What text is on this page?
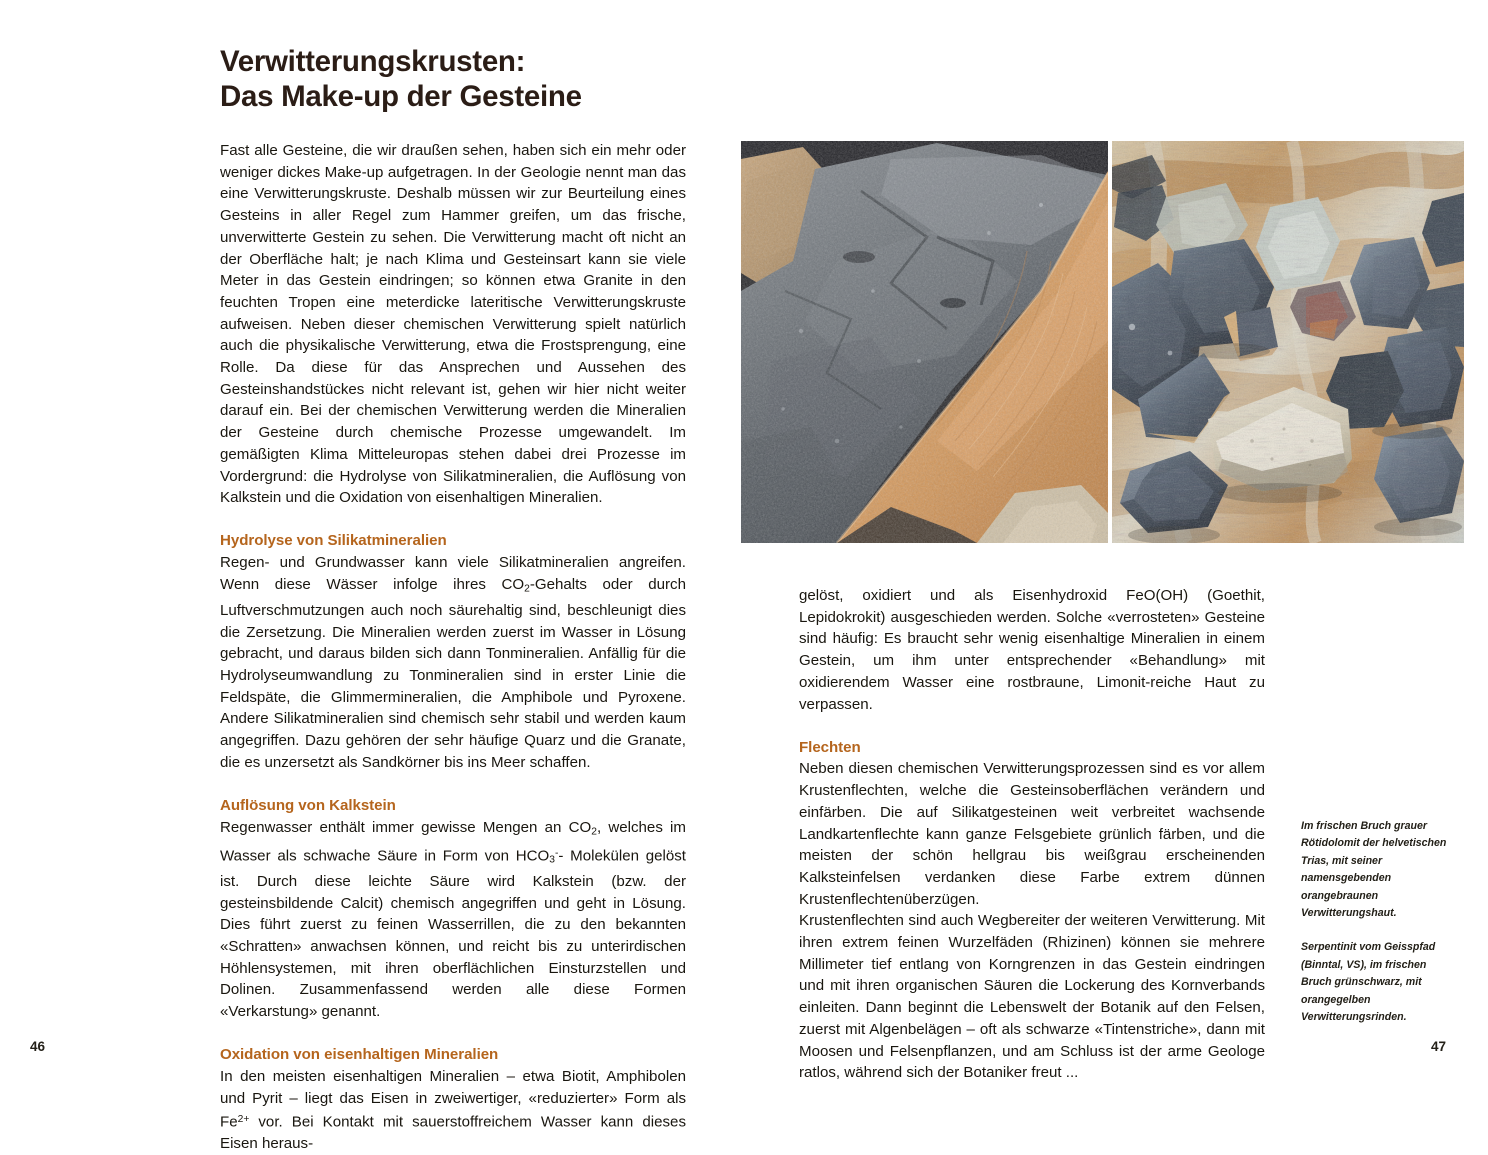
Verwitterungskrusten:
Das Make-up der Gesteine

Fast alle Gesteine, die wir draußen sehen, haben sich ein mehr oder weniger dickes Make-up aufgetragen. In der Geologie nennt man das eine Verwitterungskruste. Deshalb müssen wir zur Beurteilung eines Gesteins in aller Regel zum Hammer greifen, um das frische, unverwitterte Gestein zu sehen. Die Verwitterung macht oft nicht an der Oberfläche halt; je nach Klima und Gesteinsart kann sie viele Meter in das Gestein eindringen; so können etwa Granite in den feuchten Tropen eine meterdicke lateritische Verwitterungskruste aufweisen. Neben dieser chemischen Verwitterung spielt natürlich auch die physikalische Verwitterung, etwa die Frostsprengung, eine Rolle. Da diese für das Ansprechen und Aussehen des Gesteinshandstückes nicht relevant ist, gehen wir hier nicht weiter darauf ein. Bei der chemischen Verwitterung werden die Mineralien der Gesteine durch chemische Prozesse umgewandelt. Im gemäßigten Klima Mitteleuropas stehen dabei drei Prozesse im Vordergrund: die Hydrolyse von Silikatmineralien, die Auflösung von Kalkstein und die Oxidation von eisenhaltigen Mineralien.

Hydrolyse von Silikatmineralien

Regen- und Grundwasser kann viele Silikatmineralien angreifen. Wenn diese Wässer infolge ihres $CO_2$-Gehalts oder durch Luftverschmutzungen auch noch säurehaltig sind, beschleunigt dies die Zersetzung. Die Mineralien werden zuerst im Wasser in Lösung gebracht, und daraus bilden sich dann Tonmineralien. Anfällig für die Hydrolyseumwandlung zu Tonmineralien sind in erster Linie die Feldspäte, die Glimmermineralien, die Amphibole und Pyroxene. Andere Silikatmineralien sind chemisch sehr stabil und werden kaum angegriffen. Dazu gehören der sehr häufige Quarz und die Granate, die es unzersetzt als Sandkörner bis ins Meer schaffen.

Auflösung von Kalkstein

Regenwasser enthält immer gewisse Mengen an $CO_2$, welches im Wasser als schwache Säure in Form von $HCO_3^--$ Molekülen gelöst ist. Durch diese leichte Säure wird Kalkstein (bzw. der gesteinsbildende Calcit) chemisch angegriffen und geht in Lösung. Dies führt zuerst zu feinen Wasserrillen, die zu den bekannten «Schratten» anwachsen können, und reicht bis zu unterirdischen Höhlensystemen, mit ihren oberflächlichen Einsturzstellen und Dolinen. Zusammenfassend werden alle diese Formen «Verkarstung» genannt.

Oxidation von eisenhaltigen Mineralien

In den meisten eisenhaltigen Mineralien – etwa Biotit, Amphibolen und Pyrit – liegt das Eisen in zweiwertiger, «reduzierter» Form als $Fe^{2+}$ vor. Bei Kontakt mit sauerstoffreichem Wasser kann dieses Eisen heraus-

gelöst, oxidiert und als Eisenhydroxid FeO(OH) (Goethit, Lepidokrokit) ausgeschieden werden. Solche «verrosteten» Gesteine sind häufig: Es braucht sehr wenig eisenhaltige Mineralien in einem Gestein, um ihm unter entsprechender «Behandlung» mit oxidierendem Wasser eine rostbraune, Limonit-reiche Haut zu verpassen.

Flechten

Neben diesen chemischen Verwitterungsprozessen sind es vor allem Krustenflechten, welche die Gesteinsoberflächen verändern und einfärben. Die auf Silikatgesteinen weit verbreitet wachsende Landkartenflechte kann ganze Felsgebiete grünlich färben, und die meisten der schön hellgrau bis weißgrau erscheinenden Kalksteinfelsen verdanken diese Farbe extrem dünnen Krustenflechtenüberzügen.

Krustenflechten sind auch Wegbereiter der weiteren Verwitterung. Mit ihren extrem feinen Wurzelfäden (Rhizinen) können sie mehrere Millimeter tief entlang von Korngrenzen in das Gestein eindringen und mit ihren organischen Säuren die Lockerung des Kornverbands einleiten. Dann beginnt die Lebenswelt der Botanik auf den Felsen, zuerst mit Algenbelägen – oft als schwarze «Tintenstriche», dann mit Moosen und Felsenpflanzen, und am Schluss ist der arme Geologe ratlos, während sich der Botaniker freut ...

Im frischen Bruch grauer Rötidolomit der helvetischen Trias, mit seiner namensgebenden orangebraunen Verwitterungshaut.

Serpentinit vom Geisspfad (Binntal, VS), im frischen Bruch grünschwarz, mit orangegelben Verwitterungsrinden.

46	47
